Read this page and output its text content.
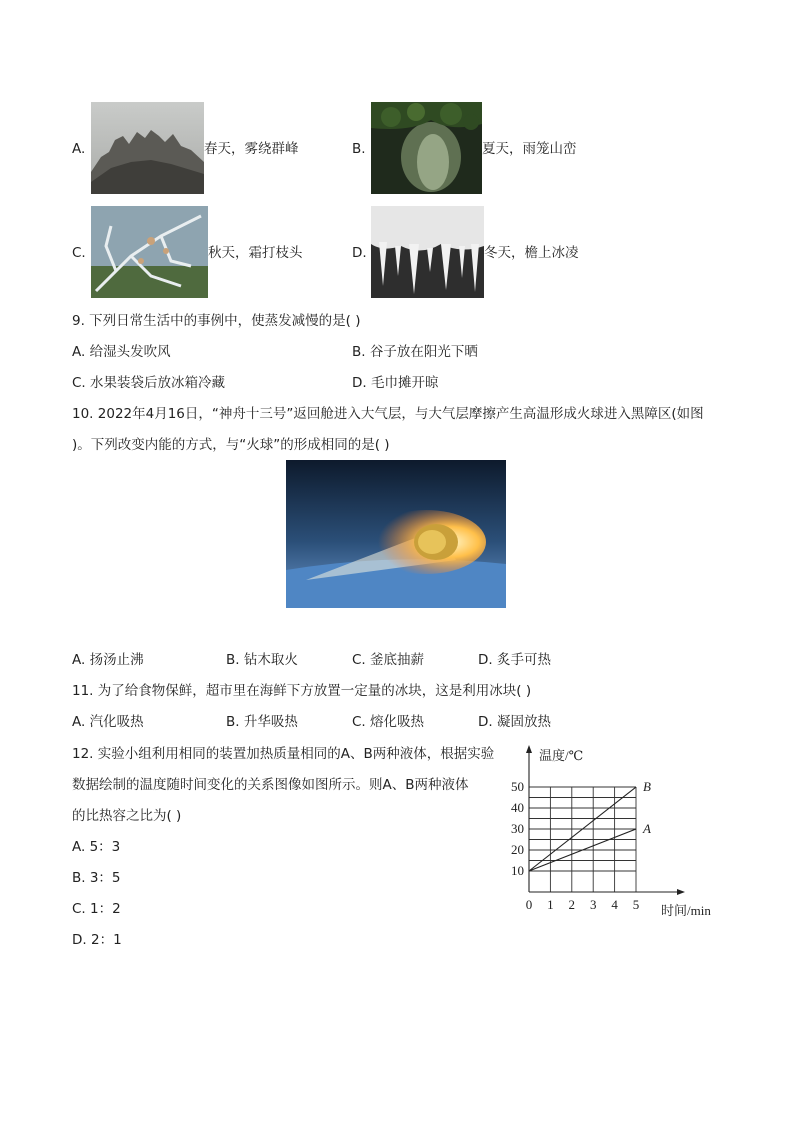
A.	春天，雾绕群峰	B.	夏天，雨笼山峦
C.	秋天，霜打枝头	D.	冬天，檐上冰凌
9. 下列日常生活中的事例中，使蒸发减慢的是( )
A. 给湿头发吹风	B. 谷子放在阳光下晒
C. 水果装袋后放冰箱冷藏	D. 毛巾摊开晾
10. 2022年4月16日，“神舟十三号”返回舱进入大气层，与大气层摩擦产生高温形成火球进入黑障区(如图
)。下列改变内能的方式，与“火球”的形成相同的是( )
A. 扬汤止沸	B. 钻木取火	C. 釜底抽薪	D. 炙手可热
11. 为了给食物保鲜，超市里在海鲜下方放置一定量的冰块，这是利用冰块( )
A. 汽化吸热	B. 升华吸热	C. 熔化吸热	D. 凝固放热
12. 实验小组利用相同的装置加热质量相同的A、B两种液体，根据实验
数据绘制的温度随时间变化的关系图像如图所示。则A、B两种液体
的比热容之比为( )
A. 5：3
B. 3：5
C. 1：2
D. 2：1
B
A
0 1 2 3 4 5
10
20
30
40
50
温度/℃
时间/min
